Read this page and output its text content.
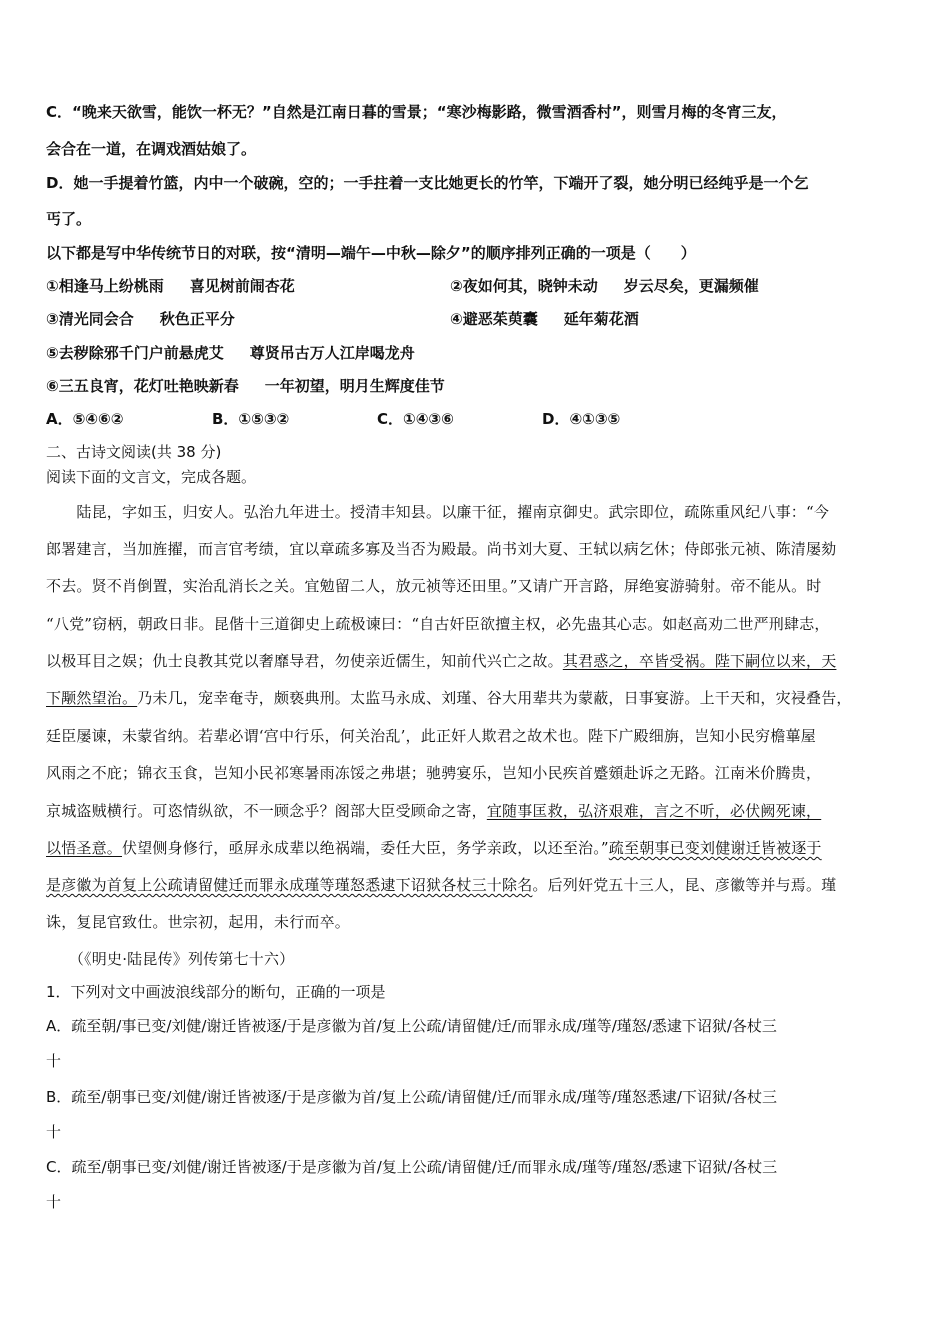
C．“晚来天欲雪，能饮一杯无？”自然是江南日暮的雪景；“寒沙梅影路，微雪酒香村”，则雪月梅的冬宵三友，
会合在一道，在调戏酒姑娘了。
D．她一手提着竹篮，内中一个破碗，空的；一手拄着一支比她更长的竹竿，下端开了裂，她分明已经纯乎是一个乞
丐了。
以下都是写中华传统节日的对联，按“清明—端午—中秋—除夕”的顺序排列正确的一项是（　　）
①相逢马上纷桃雨 喜见树前闹杏花	②夜如何其，晓钟未动 岁云尽矣，更漏频催
③清光同会合 秋色正平分	④避恶茱萸囊 延年菊花酒
⑤去秽除邪千门户前悬虎艾 尊贤吊古万人江岸喝龙舟
⑥三五良宵，花灯吐艳映新春 一年初望，明月生辉度佳节
A．⑤④⑥②	B．①⑤③②	C．①④③⑥	D．④①③⑤
二、古诗文阅读(共 38 分)
阅读下面的文言文，完成各题。
　　陆昆，字如玉，归安人。弘治九年进士。授清丰知县。以廉干征，擢南京御史。武宗即位，疏陈重风纪八事：“今
郎署建言，当加旌擢，而言官考绩，宜以章疏多寡及当否为殿最。尚书刘大夏、王轼以病乞休；侍郎张元祯、陈清屡劾
不去。贤不肖倒置，实治乱消长之关。宜勉留二人，放元祯等还田里。”又请广开言路，屏绝宴游骑射。帝不能从。时
“八党”窃柄，朝政日非。昆偕十三道御史上疏极谏曰：“自古奸臣欲擅主权，必先蛊其心志。如赵高劝二世严刑肆志，
以极耳目之娱；仇士良教其党以奢靡导君，勿使亲近儒生，知前代兴亡之故。其君惑之，卒皆受祸。陛下嗣位以来，天
下颙然望治。乃未几，宠幸奄寺，颇亵典刑。太监马永成、刘瑾、谷大用辈共为蒙蔽，日事宴游。上干天和，灾祲叠告，
廷臣屡谏，未蒙省纳。若辈必谓‘宫中行乐，何关治乱’，此正奸人欺君之故术也。陛下广殿细旃，岂知小民穷檐蓽屋
风雨之不庇；锦衣玉食，岂知小民祁寒暑雨冻馁之弗堪；驰骋宴乐，岂知小民疾首蹙頞赴诉之无路。江南米价腾贵，
京城盗贼横行。可恣情纵欲，不一顾念乎？阁部大臣受顾命之寄，宜随事匡救，弘济艰难，言之不听，必伏阙死谏，
以悟圣意。伏望侧身修行，亟屏永成辈以绝祸端，委任大臣，务学亲政，以还至治。”疏至朝事已变刘健谢迁皆被逐于
是彦徽为首复上公疏请留健迁而罪永成瑾等瑾怒悉逮下诏狱各杖三十除名。后列奸党五十三人，昆、彦徽等并与焉。瑾
诛，复昆官致仕。世宗初，起用，未行而卒。
　　（《明史·陆昆传》列传第七十六）
1．下列对文中画波浪线部分的断句，正确的一项是
A．疏至朝/事已变/刘健/谢迁皆被逐/于是彦徽为首/复上公疏/请留健/迁/而罪永成/瑾等/瑾怒/悉逮下诏狱/各杖三
十
B．疏至/朝事已变/刘健/谢迁皆被逐/于是彦徽为首/复上公疏/请留健/迁/而罪永成/瑾等/瑾怒悉逮/下诏狱/各杖三
十
C．疏至/朝事已变/刘健/谢迁皆被逐/于是彦徽为首/复上公疏/请留健/迁/而罪永成/瑾等/瑾怒/悉逮下诏狱/各杖三
十
